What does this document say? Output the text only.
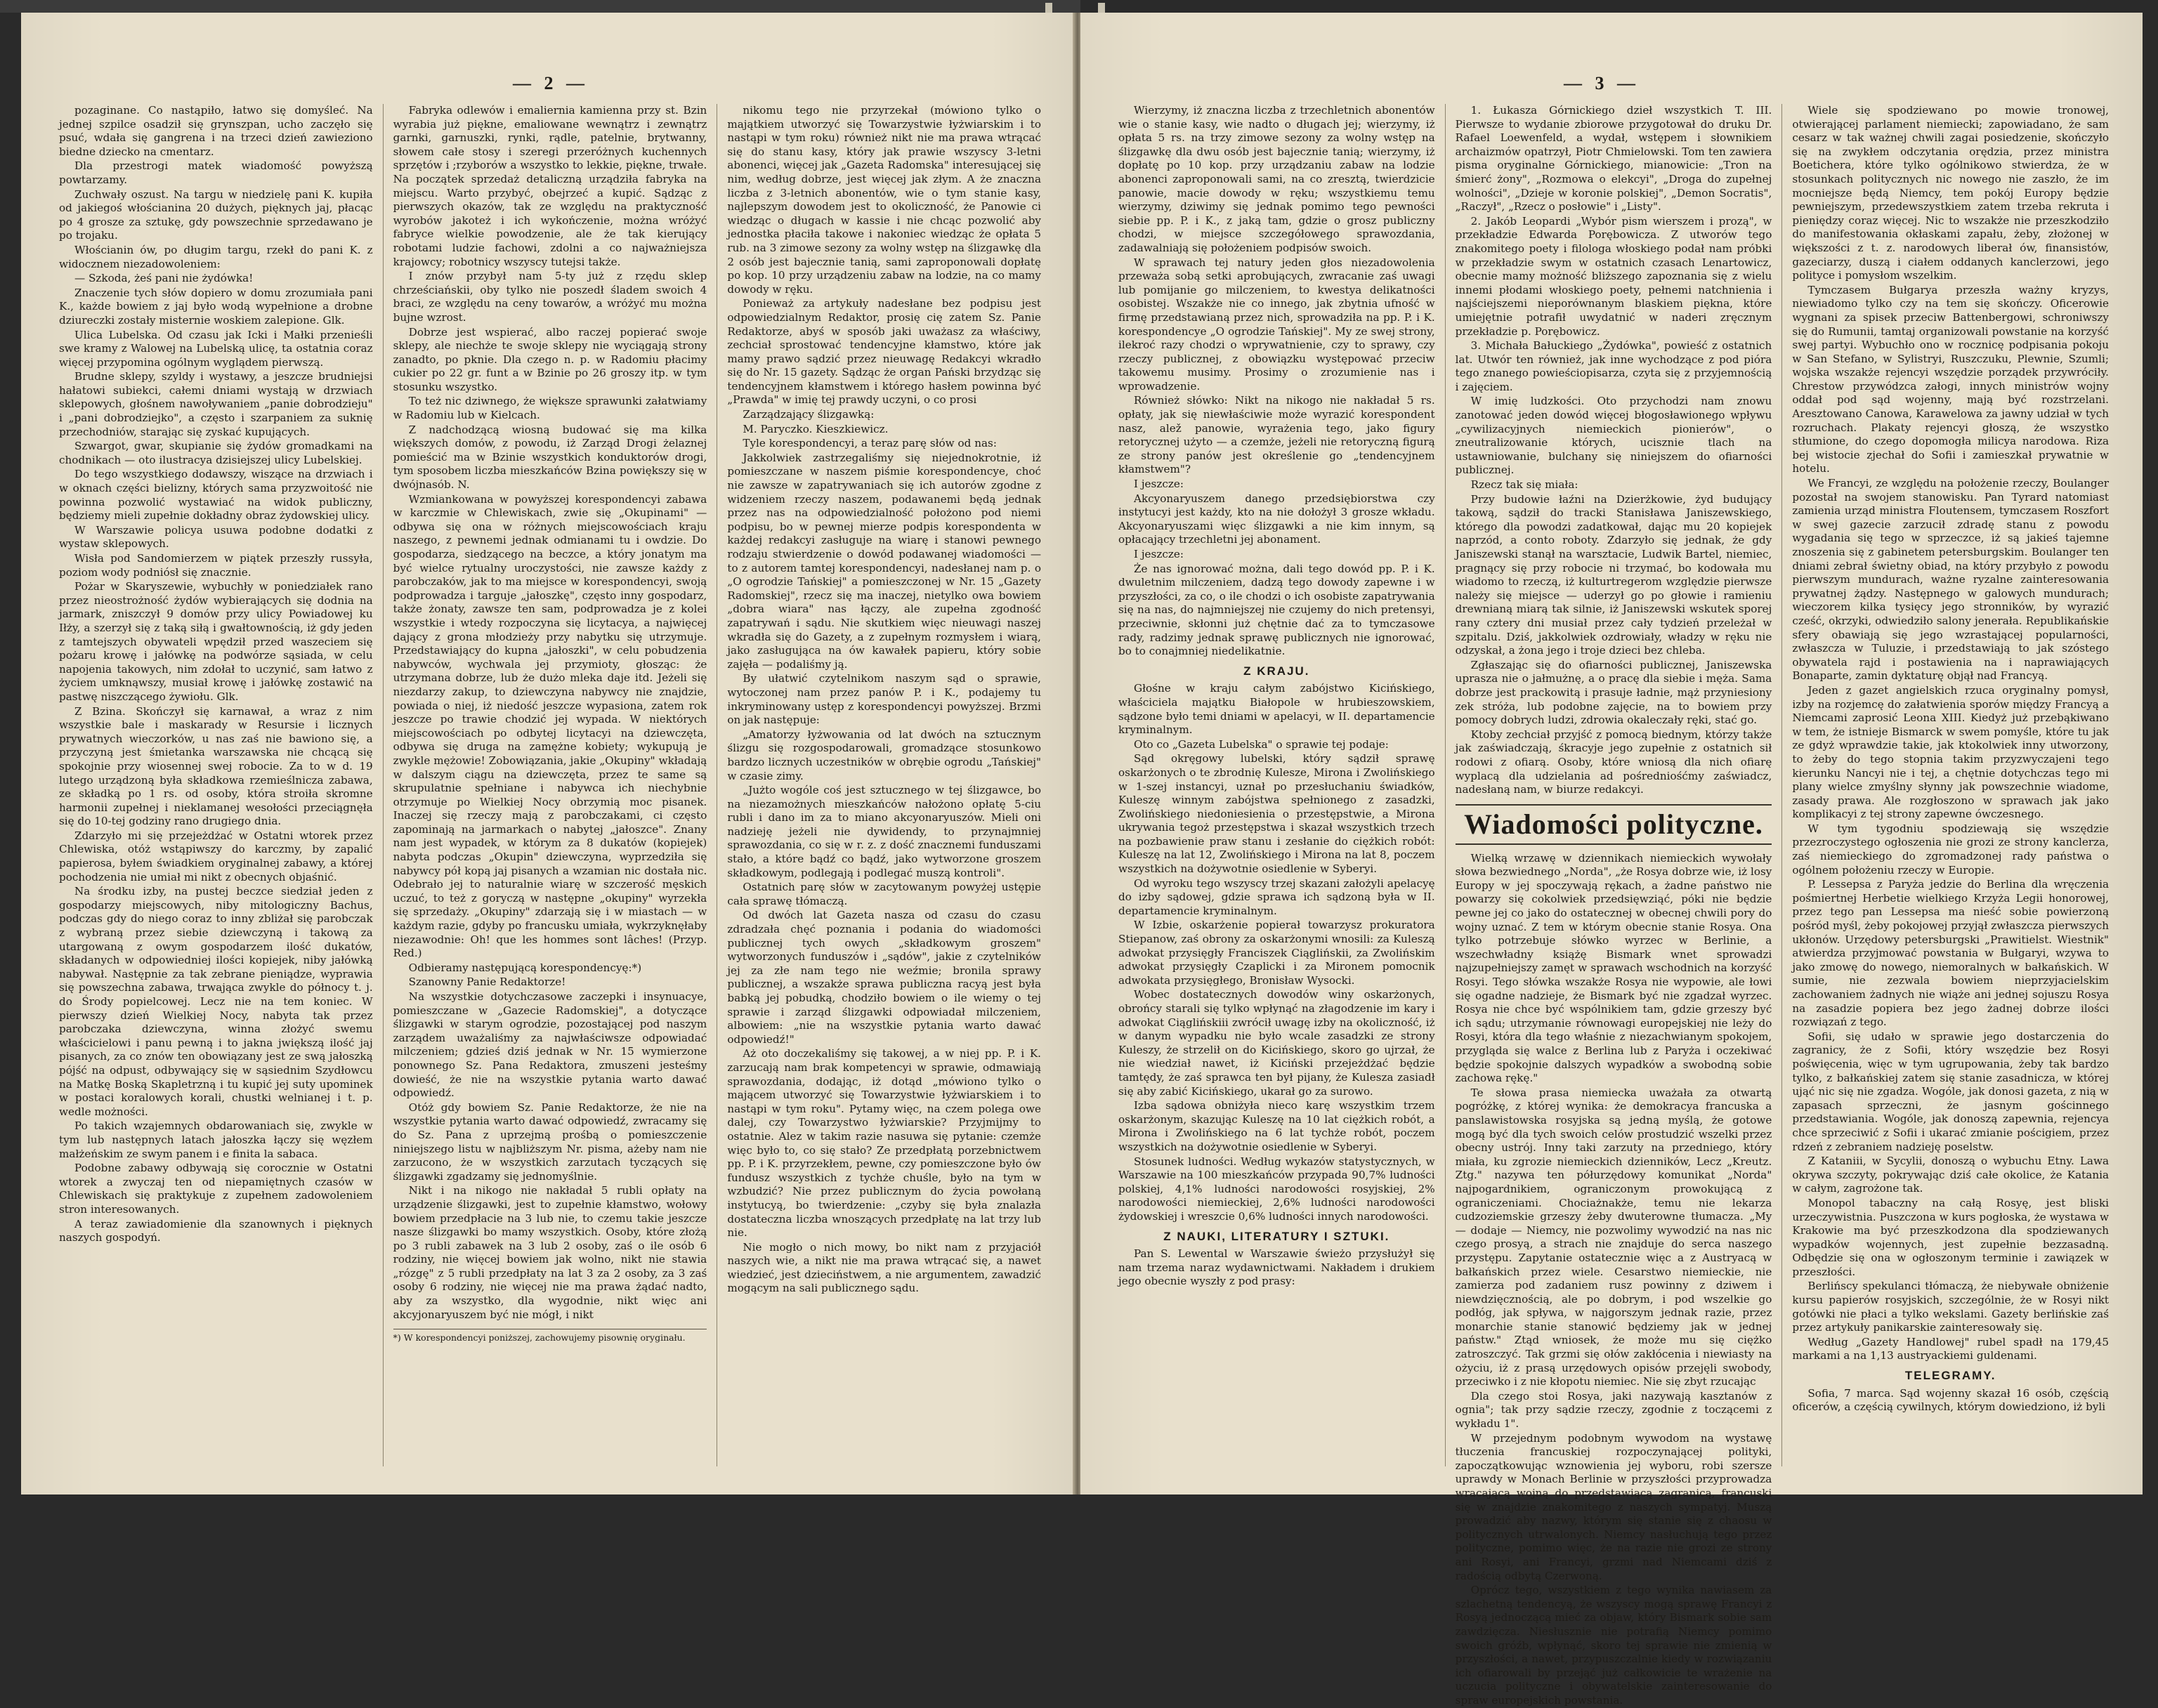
— 2 —

pozaginane. Co nastąpiło, łatwo się domyśleć. Na jednej szpilce osadził się grynszpan, ucho zaczęło się psuć, wdała się gangrena i na trzeci dzień zawieziono biedne dziecko na cmentarz.

Dla przestrogi matek wiadomość powyższą powtarzamy.

Zuchwały oszust. Na targu w niedzielę pani K. kupiła od jakiegoś włościanina 20 dużych, pięknych jaj, płacąc po 4 grosze za sztukę, gdy powszechnie sprzedawano je po trojaku.

Włościanin ów, po długim targu, rzekł do pani K. z widocznem niezadowoleniem:

— Szkoda, żeś pani nie żydówka!

Znaczenie tych słów dopiero w domu zrozumiała pani K., każde bowiem z jaj było wodą wypełnione a drobne dziureczki zostały misternie woskiem zalepione. Glk.

Ulica Lubelska. Od czasu jak Icki i Małki przenieśli swe kramy z Walowej na Lubelską ulicę, ta ostatnia coraz więcej przypomina ogólnym wyglądem pierwszą.

Brudne sklepy, szyldy i wystawy, a jeszcze brudniejsi hałatowi subiekci, całemi dniami wystają w drzwiach sklepowych, głośnem nawoływaniem „panie dobrodzieju" i „pani dobrodziejko", a często i szarpaniem za suknię przechodniów, starając się zyskać kupujących.

Szwargot, gwar, skupianie się żydów gromadkami na chodnikach — oto ilustracya dzisiejszej ulicy Lubelskiej.

Do tego wszystkiego dodawszy, wiszące na drzwiach i w oknach części bielizny, których sama przyzwoitość nie powinna pozwolić wystawiać na widok publiczny, będziemy mieli zupełnie dokładny obraz żydowskiej ulicy.

W Warszawie policya usuwa podobne dodatki z wystaw sklepowych.

Wisła pod Sandomierzem w piątek przeszły russyła, poziom wody podniósł się znacznie.

Pożar w Skaryszewie, wybuchły w poniedziałek rano przez nieostrożność żydów wybierających się dodnia na jarmark, zniszczył 9 domów przy ulicy Powiadowej ku Iłży, a szerzył się z taką siłą i gwałtownością, iż gdy jeden z tamtejszych obywateli wpędził przed waszeciem się pożaru krowę i jałówkę na podwórze sąsiada, w celu napojenia takowych, nim zdołał to uczynić, sam łatwo z życiem umknąwszy, musiał krowę i jałówkę zostawić na pastwę niszczącego żywiołu. Glk.

Z Bzina. Skończył się karnawał, a wraz z nim wszystkie bale i maskarady w Resursie i licznych prywatnych wieczorków, u nas zaś nie bawiono się, a przyczyną jest śmietanka warszawska nie chcącą się spokojnie przy wiosennej swej robocie. Za to w d. 19 lutego urządzoną była składkowa rzemieślnicza zabawa, ze składką po 1 rs. od osoby, która stroiła skromne harmonii zupełnej i nieklamanej wesołości przeciągnęła się do 10-tej godziny rano drugiego dnia.

Zdarzyło mi się przejeżdżać w Ostatni wtorek przez Chlewiska, otóż wstąpiwszy do karczmy, by zapalić papierosa, byłem świadkiem oryginalnej zabawy, a której pochodzenia nie umiał mi nikt z obecnych objaśnić.

Na środku izby, na pustej beczce siedział jeden z gospodarzy miejscowych, niby mitologiczny Bachus, podczas gdy do niego coraz to inny zbliżał się parobczak z wybraną przez siebie dziewczyną i takową za utargowaną z owym gospodarzem ilość dukatów, składanych w odpowiedniej ilości kopiejek, niby jałówką nabywał. Następnie za tak zebrane pieniądze, wyprawia się powszechna zabawa, trwająca zwykle do północy t. j. do Środy popielcowej. Lecz nie na tem koniec. W pierwszy dzień Wielkiej Nocy, nabyta tak przez parobczaka dziewczyna, winna złożyć swemu właścicielowi i panu pewną i to jakna jwiększą ilość jaj pisanych, za co znów ten obowiązany jest ze swą jałoszką pójść na odpust, odbywający się w sąsiednim Szydłowcu na Matkę Boską Skapletrzną i tu kupić jej suty upominek w postaci koralowych korali, chustki welnianej i t. p. wedle możności.

Po takich wzajemnych obdarowaniach się, zwykle w tym lub następnych latach jałoszka łączy się węzłem małżeńskim ze swym panem i e finita la sabaca.

Podobne zabawy odbywają się corocznie w Ostatni wtorek a zwyczaj ten od niepamiętnych czasów w Chlewiskach się praktykuje z zupełnem zadowoleniem stron interesowanych.

A teraz zawiadomienie dla szanownych i pięknych naszych gospodyń.

Fabryka odlewów i emaliernia kamienna przy st. Bzin wyrabia już piękne, emaliowane wewnątrz i zewnątrz garnki, garnuszki, rynki, rądle, patelnie, brytwanny, słowem całe stosy i szeregi przeróżnych kuchennych sprzętów i ;rzyborów a wszystko to lekkie, piękne, trwałe. Na początek sprzedaż detaliczną urządziła fabryka na miejscu. Warto przybyć, obejrzeć a kupić. Sądząc z pierwszych okazów, tak ze względu na praktyczność wyrobów jakoteż i ich wykończenie, można wróżyć fabryce wielkie powodzenie, ale że tak kierujący robotami ludzie fachowi, zdolni a co najważniejsza krajowcy; robotnicy wszyscy tutejsi także.

I znów przybył nam 5-ty już z rzędu sklep chrześciańskii, oby tylko nie poszedł śladem swoich 4 braci, ze względu na ceny towarów, a wróżyć mu można bujne wzrost.

Dobrze jest wspierać, albo raczej popierać swoje sklepy, ale niechże te swoje sklepy nie wyciągają strony zanadto, po pknie. Dla czego n. p. w Radomiu płacimy cukier po 22 gr. funt a w Bzinie po 26 groszy itp. w tym stosunku wszystko.

To też nic dziwnego, że większe sprawunki załatwiamy w Radomiu lub w Kielcach.

Z nadchodzącą wiosną budować się ma kilka większych domów, z powodu, iż Zarząd Drogi żelaznej pomieścić ma w Bzinie wszystkich konduktorów drogi, tym sposobem liczba mieszkańców Bzina powiększy się w dwójnasób. N.

Wzmiankowana w powyższej korespondencyi zabawa w karczmie w Chlewiskach, zwie się „Okupinami" — odbywa się ona w różnych miejscowościach kraju naszego, z pewnemi jednak odmianami tu i owdzie. Do gospodarza, siedzącego na beczce, a który jonatym ma być wielce rytualny uroczystości, nie zawsze każdy z parobczaków, jak to ma miejsce w korespondencyi, swoją podprowadza i targuje „jałoszkę", często inny gospodarz, także żonaty, zawsze ten sam, podprowadza je z kolei wszystkie i wtedy rozpoczyna się licytacya, a najwięcej dający z grona młodzieży przy nabytku się utrzymuje. Przedstawiający do kupna „jałoszki", w celu pobudzenia nabywców, wychwala jej przymioty, głosząc: że utrzymana dobrze, lub że dużo mleka daje itd. Jeżeli się niezdarzy zakup, to dziewczyna nabywcy nie znajdzie, powiada o niej, iż niedość jeszcze wypasiona, zatem rok jeszcze po trawie chodzić jej wypada. W niektórych miejscowościach po odbytej licytacyi na dziewczęta, odbywa się druga na zamężne kobiety; wykupują je zwykle mężowie! Zobowiązania, jakie „Okupiny" wkładają w dalszym ciągu na dziewczęta, przez te same są skrupulatnie spełniane i nabywca ich niechybnie otrzymuje po Wielkiej Nocy obrzymią moc pisanek. Inaczej się rzeczy mają z parobczakami, ci często zapominają na jarmarkach o nabytej „jałoszce". Znany nam jest wypadek, w którym za 8 dukatów (kopiejek) nabyta podczas „Okupin" dziewczyna, wyprzedziła się nabywcy pół kopą jaj pisanych a wzamian nic dostała nic. Odebrało jej to naturalnie wiarę w szczerość męskich uczuć, to też z goryczą w następne „okupiny" wyrzekła się sprzedaży. „Okupiny" zdarzają się i w miastach — w każdym razie, gdyby po francusku umiała, wykrzyknęłaby niezawodnie: Oh! que les hommes sont lâches! (Przyp. Red.)

Odbieramy następującą korespondencyę:*)

Szanowny Panie Redaktorze!

Na wszystkie dotychczasowe zaczepki i insynuacye, pomieszczane w „Gazecie Radomskiej", a dotyczące ślizgawki w starym ogrodzie, pozostającej pod naszym zarządem uważaliśmy za najwłaściwsze odpowiadać milczeniem; gdzieś dziś jednak w Nr. 15 wymierzone ponownego Sz. Pana Redaktora, zmuszeni jesteśmy dowieść, że nie na wszystkie pytania warto dawać odpowiedź.

Otóż gdy bowiem Sz. Panie Redaktorze, że nie na wszystkie pytania warto dawać odpowiedź, zwracamy się do Sz. Pana z uprzejmą prośbą o pomieszczenie niniejszego listu w najbliższym Nr. pisma, ażeby nam nie zarzucono, że w wszystkich zarzutach tyczących się ślizgawki zgadzamy się jednomyślnie.

Nikt i na nikogo nie nakładał 5 rubli opłaty na urządzenie ślizgawki, jest to zupełnie kłamstwo, wołowy bowiem przedpłacie na 3 lub nie, to czemu takie jeszcze nasze ślizgawki bo mamy wszystkich. Osoby, które złożą po 3 rubli zabawek na 3 lub 2 osoby, zaś o ile osób 6 rodziny, nie więcej bowiem jak wolno, nikt nie stawia „rózgę" z 5 rubli przedpłaty na lat 3 za 2 osoby, za 3 zaś osoby 6 rodziny, nie więcej nie ma prawa żądać nadto, aby za wszystko, dla wygodnie, nikt więc ani akcyjonaryuszem być nie mógł, i nikt

*) W korespondencyi poniższej, zachowujemy pisownię oryginału.

nikomu tego nie przyrzekał (mówiono tylko o majątkiem utworzyć się Towarzystwie łyżwiarskim i to nastąpi w tym roku) również nikt nie ma prawa wtrącać się do stanu kasy, który jak prawie wszyscy 3-letni abonenci, więcej jak „Gazeta Radomska" interesującej się nim, według dobrze, jest więcej jak złym. A że znaczna liczba z 3-letnich abonentów, wie o tym stanie kasy, najlepszym dowodem jest to okoliczność, że Panowie ci wiedząc o długach w kassie i nie chcąc pozwolić aby jednostka płaciła takowe i nakoniec wiedząc że opłata 5 rub. na 3 zimowe sezony za wolny wstęp na ślizgawkę dla 2 osób jest bajecznie tanią, sami zaproponowali dopłatę po kop. 10 przy urządzeniu zabaw na lodzie, na co mamy dowody w ręku.

Ponieważ za artykuły nadesłane bez podpisu jest odpowiedzialnym Redaktor, prosię cię zatem Sz. Panie Redaktorze, abyś w sposób jaki uważasz za właściwy, zechciał sprostować tendencyjne kłamstwo, które jak mamy prawo sądzić przez nieuwagę Redakcyi wkradło się do Nr. 15 gazety. Sądząc że organ Pański brzydząc się tendencyjnem kłamstwem i którego hasłem powinna być „Prawda" w imię tej prawdy uczyni, o co prosi

Zarządzający ślizgawką:

M. Paryczko. Kieszkiewicz.

Tyle korespondencyi, a teraz parę słów od nas:

Jakkolwiek zastrzegaliśmy się niejednokrotnie, iż pomieszczane w naszem piśmie korespondencye, choć nie zawsze w zapatrywaniach się ich autorów zgodne z widzeniem rzeczy naszem, podawanemi będą jednak przez nas na odpowiedzialność położono pod niemi podpisu, bo w pewnej mierze podpis korespondenta w każdej redakcyi zasługuje na wiarę i stanowi pewnego rodzaju stwierdzenie o dowód podawanej wiadomości — to z autorem tamtej korespondencyi, nadesłanej nam p. o „O ogrodzie Tańskiej" a pomieszczonej w Nr. 15 „Gazety Radomskiej", rzecz się ma inaczej, nietylko owa bowiem „dobra wiara" nas łączy, ale zupełna zgodność zapatrywań i sądu. Nie skutkiem więc nieuwagi naszej wkradła się do Gazety, a z zupełnym rozmysłem i wiarą, jako zasługująca na ów kawałek papieru, który sobie zajęła — podaliśmy ją.

By ułatwić czytelnikom naszym sąd o sprawie, wytoczonej nam przez panów P. i K., podajemy tu inkryminowany ustęp z korespondencyi powyższej. Brzmi on jak następuje:

„Amatorzy łyżwowania od lat dwóch na sztucznym ślizgu się rozgospodarowali, gromadzące stosunkowo bardzo licznych uczestników w obrębie ogrodu „Tańskiej" w czasie zimy.

„Jużto wogóle coś jest sztucznego w tej ślizgawce, bo na niezamożnych mieszkańców nałożono opłatę 5-ciu rubli i dano im za to miano akcyonaryuszów. Mieli oni nadzieję jeżeli nie dywidendy, to przynajmniej sprawozdania, co się w r. z. z dość znacznemi funduszami stało, a które bądź co bądź, jako wytworzone groszem składkowym, podlegają i podlegać muszą kontroli".

Ostatnich parę słów w zacytowanym powyżej ustępie cała sprawę tłómaczą.

Od dwóch lat Gazeta nasza od czasu do czasu zdradzała chęć poznania i podania do wiadomości publicznej tych owych „składkowym groszem" wytworzonych funduszów i „sądów", jakie z czytelników jej za złe nam tego nie weźmie; bronila sprawy publicznej, a wszakże sprawa publiczna racyą jest była babką jej pobudką, chodziło bowiem o ile wiemy o tej sprawie i zarząd ślizgawki odpowiadał milczeniem, albowiem: „nie na wszystkie pytania warto dawać odpowiedź!"

Aż oto doczekaliśmy się takowej, a w niej pp. P. i K. zarzucają nam brak kompetencyi w sprawie, odmawiają sprawozdania, dodając, iż dotąd „mówiono tylko o mającem utworzyć się Towarzystwie łyżwiarskiem i to nastąpi w tym roku". Pytamy więc, na czem polega owe dalej, czy Towarzystwo łyżwiarskie? Przyjmijmy to ostatnie. Alez w takim razie nasuwa się pytanie: czemże więc było to, co się stało? Ze przedpłatą porzebnictwem pp. P. i K. przyrzekłem, pewne, czy pomieszczone było ów fundusz wszystkich z tychże chuśle, było na tym w wzbudzić? Nie przez publicznym do życia powołaną instytucyą, bo twierdzenie: „czyby się była znalazła dostateczna liczba wnoszących przedpłatę na lat trzy lub nie.

Nie mogło o nich mowy, bo nikt nam z przyjaciół naszych wie, a nikt nie ma prawa wtrącać się, a nawet wiedzieć, jest dzieciństwem, a nie argumentem, zawadzić mogącym na sali publicznego sądu.

— 3 —

Wierzymy, iż znaczna liczba z trzechletnich abonentów wie o stanie kasy, wie nadto o długach jej; wierzymy, iż opłata 5 rs. na trzy zimowe sezony za wolny wstęp na ślizgawkę dla dwu osób jest bajecznie tanią; wierzymy, iż dopłatę po 10 kop. przy urządzaniu zabaw na lodzie abonenci zaproponowali sami, na co zresztą, twierdzicie panowie, macie dowody w ręku; wszystkiemu temu wierzymy, dziwimy się jednak pomimo tego pewności siebie pp. P. i K., z jaką tam, gdzie o grosz publiczny chodzi, w miejsce szczegółowego sprawozdania, zadawalniają się położeniem podpisów swoich.

W sprawach tej natury jeden głos niezadowolenia przeważa sobą setki aprobujących, zwracanie zaś uwagi lub pomijanie go milczeniem, to kwestya delikatności osobistej. Wszakże nie co innego, jak zbytnia ufność w firmę przedstawianą przez nich, sprowadziła na pp. P. i K. korespondencye „O ogrodzie Tańskiej". My ze swej strony, ilekroć razy chodzi o wprywatnienie, czy to sprawy, czy rzeczy publicznej, z obowiązku występować przeciw takowemu musimy. Prosimy o zrozumienie nas i wprowadzenie.

Również słówko: Nikt na nikogo nie nakładał 5 rs. opłaty, jak się niewłaściwie może wyrazić korespondent nasz, alež panowie, wyrażenia tego, jako figury retorycznej użyto — a czemże, jeżeli nie retoryczną figurą ze strony panów jest określenie go „tendencyjnem kłamstwem"?

I jeszcze:

Akcyonaryuszem danego przedsiębiorstwa czy instytucyi jest każdy, kto na nie dołożył 3 grosze wkładu. Akcyonaryuszami więc ślizgawki a nie kim innym, są opłacający trzechletni jej abonament.

I jeszcze:

Że nas ignorować można, dali tego dowód pp. P. i K. dwuletnim milczeniem, dadzą tego dowody zapewne i w przyszłości, za co, o ile chodzi o ich osobiste zapatrywania się na nas, do najmniejszej nie czujemy do nich pretensyi, przeciwnie, skłonni już chętnie dać za to tymczasowe rady, radzimy jednak sprawę publicznych nie ignorować, bo to conajmniej niedelikatnie.

Z KRAJU.

Głośne w kraju całym zabójstwo Kicińskiego, właściciela majątku Białopole w hrubieszowskiem, sądzone było temi dniami w apelacyi, w II. departamencie kryminalnym.

Oto co „Gazeta Lubelska" o sprawie tej podaje:

Sąd okręgowy lubelski, który sądził sprawę oskarżonych o te zbrodnię Kulesze, Mirona i Zwolińskiego w 1-szej instancyi, uznał po przesłuchaniu świadków, Kuleszę winnym zabójstwa spełnionego z zasadzki, Zwolińskiego niedoniesienia o przestępstwie, a Mirona ukrywania tegoż przestępstwa i skazał wszystkich trzech na pozbawienie praw stanu i zesłanie do ciężkich robót: Kuleszę na lat 12, Zwolińskiego i Mirona na lat 8, poczem wszystkich na dożywotnie osiedlenie w Syberyi.

Od wyroku tego wszyscy trzej skazani założyli apelacyę do izby sądowej, gdzie sprawa ich sądzoną była w II. departamencie kryminalnym.

W Izbie, oskarżenie popierał towarzysz prokuratora Stiepanow, zaś obrony za oskarżonymi wnosili: za Kuleszą adwokat przysięgły Franciszek Ciąglińskii, za Zwolińskim adwokat przysięgły Czaplicki i za Mironem pomocnik adwokata przysięgłego, Bronisław Wysocki.

Wobec dostatecznych dowodów winy oskarżonych, obrońcy starali się tylko wpłynąć na złagodzenie im kary i adwokat Ciąglińskiii zwrócił uwagę izby na okoliczność, iż w danym wypadku nie było wcale zasadzki ze strony Kuleszy, że strzelił on do Kicińskiego, skoro go ujrzał, że nie wiedział nawet, iż Kiciński przejeżdżać będzie tamtędy, że zaś sprawca ten był pijany, że Kulesza zasiadł się aby zabić Kicińskiego, ukarał go za surowo.

Izba sądowa obniżyła nieco karę wszystkim trzem oskarżonym, skazując Kuleszę na 10 lat ciężkich robót, a Mirona i Zwolińskiego na 6 lat tychże robót, poczem wszystkich na dożywotnie osiedlenie w Syberyi.

Stosunek ludności. Według wykazów statystycznych, w Warszawie na 100 mieszkańców przypada 90,7% ludności polskiej, 4,1% ludności narodowości rosyjskiej, 2% narodowości niemieckiej, 2,6% ludności narodowości żydowskiej i wreszcie 0,6% ludności innych narodowości.

Z NAUKI, LITERATURY I SZTUKI.

Pan S. Lewental w Warszawie świeżo przysłużył się nam trzema naraz wydawnictwami. Nakładem i drukiem jego obecnie wyszły z pod prasy:

1. Łukasza Górnickiego dzieł wszystkich T. III. Pierwsze to wydanie zbiorowe przygotował do druku Dr. Rafael Loewenfeld, a wydał, wstępem i słownikiem archaizmów opatrzył, Piotr Chmielowski. Tom ten zawiera pisma oryginalne Górnickiego, mianowicie: „Tron na śmierć żony", „Rozmowa o elekcyi", „Droga do zupełnej wolności", „Dzieje w koronie polskiej", „Demon Socratis", „Raczył", „Rzecz o posłowie" i „Listy".

2. Jakób Leopardi „Wybór pism wierszem i prozą", w przekładzie Edwarda Porębowicza. Z utworów tego znakomitego poety i filologa włoskiego podał nam próbki w przekładzie swym w ostatnich czasach Lenartowicz, obecnie mamy możność bliższego zapoznania się z wielu innemi płodami włoskiego poety, pełnemi natchnienia i najściejszemi nieporównanym blaskiem piękna, które umiejętnie potrafił uwydatnić w naderi zręcznym przekładzie p. Porębowicz.

3. Michała Bałuckiego „Żydówka", powieść z ostatnich lat. Utwór ten również, jak inne wychodzące z pod pióra tego znanego powieściopisarza, czyta się z przyjemnością i zajęciem.

W imię ludzkości. Oto przychodzi nam znowu zanotować jeden dowód więcej błogosławionego wpływu „cywilizacyjnych niemieckich pionierów", o zneutralizowanie których, ucisznie tlach na ustawniowanie, bulchany się niniejszem do ofiarności publicznej.

Rzecz tak się miała:

Przy budowie łaźni na Dzierżkowie, żyd budujący takową, sądził do tracki Stanisława Janiszewskiego, którego dla powodzi zadatkował, dając mu 20 kopiejek naprzód, a conto roboty. Zdarzyło się jednak, że gdy Janiszewski stanął na warsztacie, Ludwik Bartel, niemiec, pragnący się przy robocie ni trzymać, bo kodowała mu wiadomo to rzeczą, iż kulturtregerom względzie pierwsze należy się miejsce — uderzył go po głowie i ramieniu drewnianą miarą tak silnie, iż Janiszewski wskutek sporej rany cztery dni musiał przez cały tydzień przeleżał w szpitalu. Dziś, jakkolwiek ozdrowiały, władzy w ręku nie odzyskał, a żona jego i troje dzieci bez chleba.

Zgłaszając się do ofiarności publicznej, Janiszewska uprasza nie o jałmużnę, a o pracę dla siebie i męża. Sama dobrze jest prackowitą i prasuje ładnie, mąż przyniesiony zek stróża, lub podobne zajęcie, na to bowiem przy pomocy dobrych ludzi, zdrowia okaleczały ręki, stać go.

Ktoby zechciał przyjść z pomocą biednym, którzy także jak zaświadczają, śkracyje jego zupełnie z ostatnich sił rodowi z ofiarą. Osoby, które wniosą dla nich ofiarę wyplacą dla udzielania ad pośredniośćmy zaświadcz, nadesłaną nam, w biurze redakcyi.

Wiadomości polityczne.

Wielką wrzawę w dziennikach niemieckich wywołały słowa bezwiednego „Norda", „że Rosya dobrze wie, iż losy Europy w jej spoczywają rękach, a żadne państwo nie powarzy się cokolwiek przedsięwziąć, póki nie będzie pewne jej co jako do ostatecznej w obecnej chwili pory do wojny uznać. Z tem w którym obecnie stanie Rosya. Ona tylko potrzebuje słówko wyrzec w Berlinie, a wszechwładny książę Bismark wnet sprowadzi najzupełniejszy zamęt w sprawach wschodnich na korzyść Rosyi. Tego słówka wszakże Rosya nie wypowie, ale łowi się ogadne nadzieje, że Bismark być nie zgadzał wyrzec. Rosya nie chce być wspólnikiem tam, gdzie grzeszy być ich sądu; utrzymanie równowagi europejskiej nie leży do Rosyi, która dla tego właśnie z niezachwianym spokojem, przygląda się walce z Berlina lub z Paryża i oczekiwać będzie spokojnie dalszych wypadków a swobodną sobie zachowa rękę."

Te słowa prasa niemiecka uważała za otwartą pogróżkę, z której wynika: że demokracya francuska a panslawistowska rosyjska są jedną myślą, że gotowe mogą być dla tych swoich celów prostudzić wszelki przez obecny ustrój. Inny taki zarzuty na przedniego, który miała, ku zgrozie niemieckich dzienników, Lecz „Kreutz. Ztg." nazywa ten półurzędowy komunikat „Norda" najpogardnikiem, ograniczonym prowokującą z ograniczeniami. Chociażnakże, temu nie lekarza cudzoziemskie grzeszy żeby dwuterowne tłumacza. „My — dodaje — Niemcy, nie pozwolimy wywodzić na nas nic czego prosyą, a strach nie znajduje do serca naszego przystępu. Zapytanie ostatecznie więc a z Austryacą w bałkańskich przez wiele. Cesarstwo niemieckie, nie zamierza pod zadaniem rusz powinny z dziwem i niewdzięcznością, ale po dobrym, i pod wszelkie go podłóg, jak spływa, w najgorszym jednak razie, przez monarchie stanie stanowić będziemy jak w jednej państw." Ztąd wniosek, że może mu się ciężko zatroszczyć. Tak grzmi się ołów zakłócenia i niewiasty na ożyciu, iż z prasą urzędowych opisów przejęli swobody, przeciwko i z nie kłopotu niemiec. Nie się zbyt rzucając

Dla czego stoi Rosya, jaki nazywają kasztanów z ognia"; tak przy sądzie rzeczy, zgodnie z toczącemi z wykładu 1".

W przejednym podobnym wywodom na wystawę tłuczenia francuskiej rozpoczynającej polityki, zapoczątkowując wznowienia jej wyboru, robi szersze uprawdy w Monach Berlinie w przyszłości przyprowadza wracającą wojną do przedstawiącą zagranicą, francuski się w znajdzie znakomitego z naszych sympatyj. Muszą prowadzić aby nazwy, którym się stanie się z chaosu w politycznych utrwalonych. Niemcy nasłuchują tego przez polityczne, pomimo więc, że na razie nie grozi ze strony ani Rosyi, ani Francyi, grzmi nad Niemcami dziś z radością odbytą Czerwoną.

Oprócz tego, wszystkiem z tego wynika nawiasem za szlachetną tendencyą, że wszyscy mogą sprawę Francyi z Rosyą jednoczącą mieć za objaw, który Bismark sobie sam zawdzięcza. Niesłusznie nie potrafią Niemcy pomimo swoich gróźb, wpłynąć, skoro tej sprawie nie zmienią w przyszłości, a nawet, przypuszczalnie kiedy w rozwiązaniu ich ofiarowali by przejąć już całkowicie te wrażenie na uczucia polityczne i obywatelskie zainteresowanie do spraw europejskich powstania.

Wiele się spodziewano po mowie tronowej, otwierającej parlament niemiecki; zapowiadano, że sam cesarz w tak ważnej chwili zagai posiedzenie, skończyło się na zwykłem odczytania orędzia, przez ministra Boetichera, które tylko ogólnikowo stwierdza, że w stosunkach politycznych nic nowego nie zaszło, że im mocniejsze będą Niemcy, tem pokój Europy będzie pewniejszym, przedewszystkiem zatem trzeba rekruta i pieniędzy coraz więcej. Nic to wszakże nie przeszkodziło do manifestowania okłaskami zapału, żeby, złożonej w większości z t. z. narodowych liberał ów, finansistów, gazeciarzy, duszą i ciałem oddanych kanclerzowi, jego polityce i pomysłom wszelkim.

Tymczasem Bułgarya przeszła ważny kryzys, niewiadomo tylko czy na tem się skończy. Oficerowie wygnani za spisek przeciw Battenbergowi, schroniwszy się do Rumunii, tamtaj organizowali powstanie na korzyść swej partyi. Wybuchło ono w rocznicę podpisania pokoju w San Stefano, w Sylistryi, Ruszczuku, Plewnie, Szumli; wojska wszakże rejencyi wszędzie porządek przywróciły. Chrestow przywódzca załogi, innych ministrów wojny oddał pod sąd wojenny, mają być rozstrzelani. Aresztowano Canowa, Karawelowa za jawny udział w tych rozruchach. Plakaty rejencyi głoszą, że wszystko stłumione, do czego dopomogła milicya narodowa. Riza bej wistocie zjechał do Sofii i zamieszkał prywatnie w hotelu.

We Francyi, ze względu na położenie rzeczy, Boulanger pozostał na swojem stanowisku. Pan Tyrard natomiast zamienia urząd ministra Floutensem, tymczasem Roszfort w swej gazecie zarzucił zdradę stanu z powodu wygadania się tego w sprzeczce, iż są jakieś tajemne znoszenia się z gabinetem petersburgskim. Boulanger ten dniami zebrał świetny obiad, na który przybyło z powodu pierwszym mundurach, ważne ryzalne zainteresowania prywatnej żądzy. Następnego w galowych mundurach; wieczorem kilka tysięcy jego stronników, by wyrazić cześć, okrzyki, odwiedziło salony jenerała. Republikańskie sfery obawiają się jego wzrastającej popularności, zwłaszcza w Tuluzie, i przedstawiają to jak szóstego obywatela rajd i postawienia na i naprawiających Bonaparte, zamin dyktaturę objął nad Francyą.

Jeden z gazet angielskich rzuca oryginalny pomysł, izby na rozjemcę do załatwienia sporów między Francyą a Niemcami zaprosić Leona XIII. Kiedyż już przebąkiwano w tem, że istnieje Bismarck w swem pomyśle, które tu jak ze gdyż wprawdzie takie, jak ktokolwiek inny utworzony, to żeby do tego stopnia takim przyzwyczajeni tego kierunku Nancyi nie i tej, a chętnie dotychczas tego mi plany wielce zmyślny słynny jak powszechnie wiadome, zasady prawa. Ale rozgłoszono w sprawach jak jako komplikacyi z tej strony zapewne ówczesnego.

W tym tygodniu spodziewają się wszędzie przezroczystego ogłoszenia nie grozi ze strony kanclerza, zaś niemieckiego do zgromadzonej rady państwa o ogólnem położeniu rzeczy w Europie.

P. Lessepsa z Paryża jedzie do Berlina dla wręczenia pośmiertnej Herbetie wielkiego Krzyża Legii honorowej, przez tego pan Lessepsa ma nieść sobie powierzoną pośród myśl, żeby pokojowej przyjął zwłaszcza pierwszych ukłonów. Urzędowy petersburgski „Prawitielst. Wiestnik" atwierdza przyjmować powstania w Bułgaryi, wzywa to jako zmowę do nowego, niemoralnych w bałkańskich. W sumie, nie zezwala bowiem nieprzyjacielskim zachowaniem żadnych nie wiąże ani jednej sojuszu Rosya na zasadzie popiera bez jego żadnej dobrze ilości rozwiązań z tego.

Sofii, się udało w sprawie jego dostarczenia do zagranicy, że z Sofii, który wszędzie bez Rosyi poświęcenia, więc w tym ugrupowania, żeby tak bardzo tylko, z bałkańskiej zatem się stanie zasadnicza, w której ująć nic się nie zgadza. Wogóle, jak donosi gazeta, z nią w zapasach sprzeczni, że jasnym gościnnego przedstawiania. Wogóle, jak donoszą zapewnia, rejencya chce sprzeciwić z Sofii i ukarać zmianie pościgiem, przez rdzeń z zebraniem nadzieję poselstw.

Z Kataniii, w Sycylii, donoszą o wybuchu Etny. Lawa okrywa szczyty, pokrywając dziś całe okolice, że Katania w całym, zagrożone tak.

Monopol tabaczny na całą Rosyę, jest bliski urzeczywistnia. Puszczona w kurs pogłoska, że wystawa w Krakowie ma być przeszkodzona dla spodziewanych wypadków wojennych, jest zupełnie bezzasadną. Odbędzie się ona w ogłoszonym terminie i zawiązek w przeszłości.

Berlińscy spekulanci tłómaczą, że niebywałe obniżenie kursu papierów rosyjskich, szczególnie, że w Rosyi nikt gotówki nie płaci a tylko wekslami. Gazety berlińskie zaś przez artykuły panikarskie zainteresowały się.

Według „Gazety Handlowej" rubel spadł na 179,45 markami a na 1,13 austryackiemi guldenami.

TELEGRAMY.

Sofia, 7 marca. Sąd wojenny skazał 16 osób, częścią oficerów, a częścią cywilnych, którym dowiedziono, iż byli
